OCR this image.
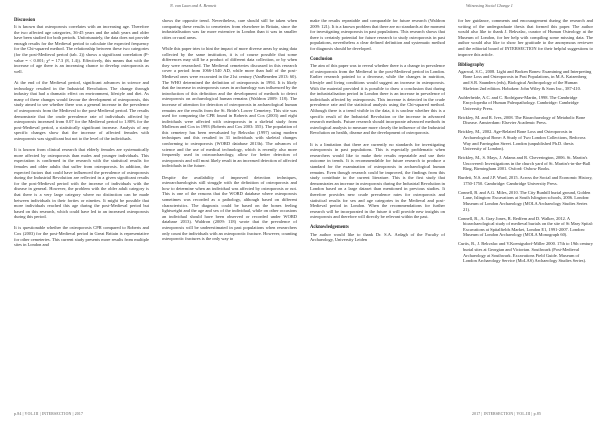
N. van Laan and A. Bennett	Witnessing Social Change 1
Discussion

It is known that osteoporosis correlates with an increasing age. Therefore the two affected age categories, 36-45 years and the adult years and older have been studied for both periods. Unfortunately, the data does not provide enough results for the Medieval period to calculate the expected frequency for the Chi-squared method. The relationship between these two categories (for the post-Medieval period (tab. 2)) shows a significant correlation (P-value = < 0.001; χ² = 17.3 (8, 1.4)). Effectively, this means that with the increase of age there is an increasing chance to develop osteoporosis as well.

At the end of the Medieval period, significant advances in science and technology resulted in the Industrial Revolution. The change through industry that had a dramatic effect on environment, lifestyle and diet. As many of these changes would favour the development of osteoporosis, this study aimed to see whether there was a general increase in the prevalence of osteoporosis from the Medieval to the post-Medieval period. The results demonstrate that the crude prevalence rate of individuals affected by osteoporosis increased from 0.07 for the Medieval period to 1.88% for the post-Medieval period, a statistically significant increase. Analysis of any specific changes show that the increase of affected females with osteoporosis was significant but not to the level of the individuals.

It is known from clinical research that elderly females are systematically more affected by osteoporosis than males and younger individuals. This expectation is confirmed in the research with the statistical results for females and older adults that suffer from osteoporosis. In addition, the expected factors that could have influenced the prevalence of osteoporosis during the Industrial Revolution are reflected in a given significant results for the post-Medieval period with the increase of individuals with the disease in general. However, the problem with the older adult category is that there is a very large category where no distinction can be made between individuals in their forties or nineties. It might be possible that more individuals reached this age during the post-Medieval period but based on this research, which could have led to an increased osteoporosis during this period.

It is questionable whether the osteoporosis CPR compared to Roberts and Cox (2003) for the post-Medieval period in Great Britain is representative for other cemeteries. This current study presents more results from multiple sites in London and

shows the opposite trend. Nevertheless, care should still be taken when comparing these results to cemeteries from elsewhere in Britain, since the industrialisation was far more extensive in London than it was in smaller cities or rural areas.

While this paper tries to hint the impact of more diverse areas by using data collected by the same institution, it is of course possible that some differences may still be a product of different data collection, or by when they were researched. The Medieval cemeteries discussed in this research cover a period from 1066-1540 AD, while more than half of the post-Medieval ones were excavated in the 21st century (VanBeneden 2013: 60). The WHO determined the definition of osteoporosis in 1994. It is likely that the increase in osteoporosis cases in archaeology was influenced by the introduction of this definition and the development of methods to detect osteoporosis on archaeological human remains (Waldron 2009: 118). The increase of attention for detection of osteoporosis in archaeological human remains are the results from the St. Bride's Lower Cemetery. This site was used for comparing the CPR found in Roberts and Cox (2003) and eight individuals were affected with osteoporosis in a skeletal study from Molleson and Cox in 1993 (Roberts and Cox 2003: 355). The population of this cemetery has been reevaluated by Bekvalac (1997) using modern techniques and this resulted in 31 individuals with skeletal changes conforming to osteoporosis (WORD database 2013b). The advances of science and the use of medical technology, which is recently also more frequently used in osteoarchaeology, allow for better detection of osteoporosis and will most likely result in an increased detection of affected individuals in the future.

Despite the availability of improved detection techniques, osteoarchaeologists still struggle with the definition of osteoporosis and how to determine when an individual was affected by osteoporosis or not. This is one of the reasons that the WORD database where osteoporosis sometimes was recorded as a pathology, although based on different characteristics. The diagnosis could be based on the bones feeling lightweight and the age and sex of the individual, while on other occasions an individual should have been observed or recorded under WORD database 2013). Waldron (2009: 118) wrote that the prevalence of osteoporosis will be underestimated in past populations when researchers only count the individuals with an osteoporotic fracture. However, counting osteoporotic fractures is the only way to

make the results repeatable and comparable for future research (Waldron 2009: 121). It is a known problem that there are no standards at the moment for investigating osteoporosis in past populations. This research shows that there is certainly potential for future research to study osteoporosis in past populations, nevertheless a clear defined definition and systematic method for diagnosis should be developed.

Conclusion

The aim of this paper was to reveal whether there is a change in prevalence of osteoporosis from the Medieval to the post-Medieval period in London. Earlier research pointed to a decrease, while the changes in nutrition, lifestyle and living conditions would suggest an increase in osteoporosis. With the material provided it is possible to draw a conclusion that during the industrialisation period in London there is an increase in prevalence of individuals affected by osteoporosis. This increase is detected in the crude prevalence rate and the statistical analysis using the Chi-squared method. Although there is a trend visible in the data, it is unclear whether this is a specific result of the Industrial Revolution or the increase in advanced research methods. Future research should incorporate advanced methods in osteological analysis to measure more closely the influence of the Industrial Revolution on health, disease and the development of osteoporosis.

It is a limitation that there are currently no standards for investigating osteoporosis in past populations. This is especially problematic when researchers would like to make their results repeatable and use their outcome in trends. It is recommendable for future research to produce a standard for the examination of osteoporosis in archaeological human remains. Even though research could be improved, the findings from this study contribute to the current literature. This is the first study that demonstrates an increase in osteoporosis during the Industrial Revolution in London based on a large dataset than mentioned in previous studies. It therefore provides new crude prevalence rates for osteoporosis and statistical results for sex and age categories in the Medieval and post-Medieval period in London. When the recommendations for further research will be incorporated in the future it will provide new insights on osteoporosis and therefore will directly be relevant within the past.

Acknowledgements

The author would like to thank Dr. S.A. Ardagh of the Faculty of Archaeology, University Leiden

for her guidance, comments and encouragement during the research and writing of the undergraduate thesis that formed this paper. The author would also like to thank J. Bekvalac, curator of Human Osteology at the Museum of London, for her help with compiling some missing data. The author would also like to show her gratitude to the anonymous reviewer and the editorial board of INTERSECTION for their helpful suggestions to improve this article.

Bibliography
Agarwal, S.C., 2008. Light and Broken Bones: Examining and Interpreting Bone Loss and Osteoporosis in Past Populations, in M.A. Katzenberg and S.R. Saunders (eds), Biological Anthropology of the Human Skeleton 2nd edition. Hoboken: John Wiley & Sons Inc., 387-410.
Aufderheide, A.C. and C. Rodríguez-Martín, 1998. The Cambridge Encyclopedia of Human Paleopathology. Cambridge: Cambridge University Press.
Brickley, M. and R. Ives, 2008. The Bioarchaeology of Metabolic Bone Disease. Amsterdam: Elsevier Academic Press.
Brickley, M., 2002. Age-Related Bone Loss and Osteoporosis in Archaeological Bone: A Study of Two London Collections, Redcross Way and Farringdon Street. London (unpublished Ph.D. thesis University of London).
Brickley, M., S. Mays, J. Adams and R. Cheverington, 2006. St. Martin's Uncovered: Investigations in the church yard of St. Martin's-in-the-Bull Ring, Birmingham 2001. Oxford: Oxbow Books.
Burdett, N.S. and J.P. Ward, 2015. Across the Social and Economic History, 1750-1750. Cambridge: Cambridge University Press.
Connell, B. and A.G. Miles, 2010. The City Bunhill burial ground, Golden Lane, Islington: Excavations at South Islington schools, 2006. London: Museum of London Archaeology (MOLA Archaeology Studies Series 21).
Connell, B., A. Gray Jones, R. Redfern and D. Walker, 2012. A bioarchaeological study of medieval burials on the site of St Mary Spital: Excavations at Spitalfields Market, London E1, 1991-2007. London: Museum of London Archaeology (MOLA Monograph 60).
Curtis, B., J. Bekvalac and V.Koenigsdorf-Miller 2000. 17th to 19th century burial sites at Georgian and Victorian. Southwark (Post-Medieval Archaeology at Southwark. Excavations Field Guide. Museum of London Archaeology Service (MoLAS) Archaeology Studies Series).
p.84 | VOL.III | INTERSECTION | 2017	2017 | INTERSECTION | VOL.III | p.85
